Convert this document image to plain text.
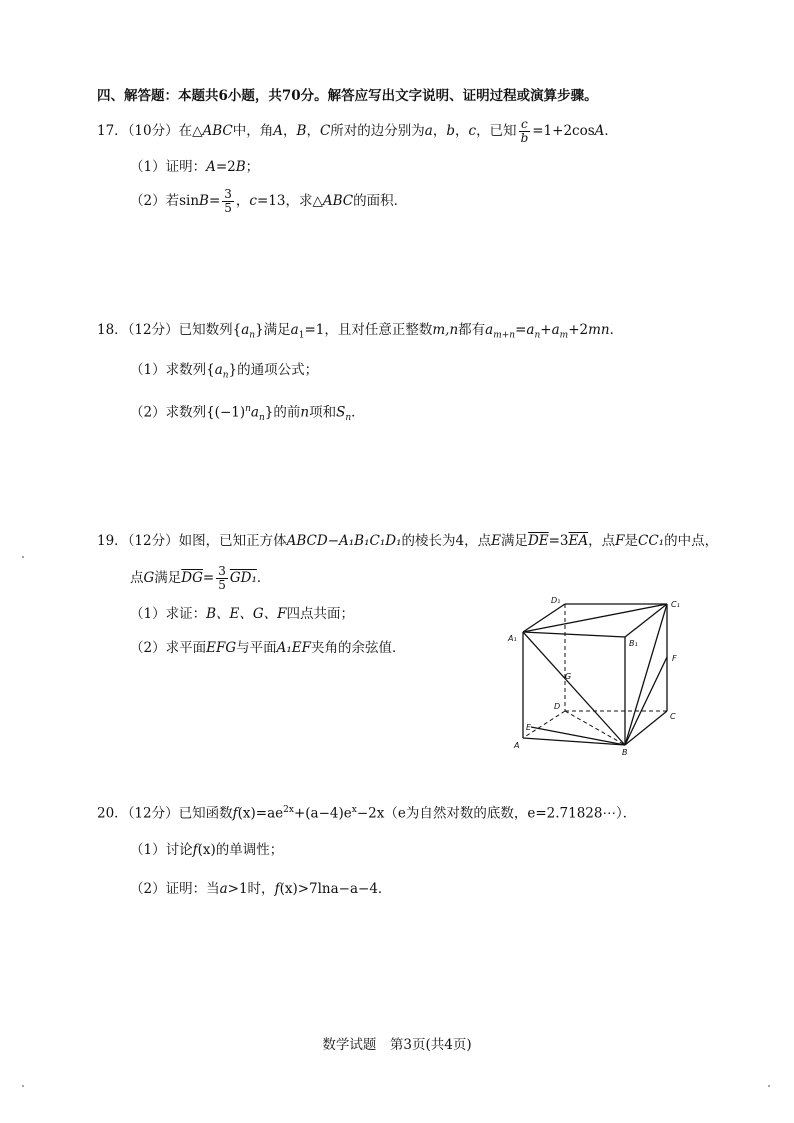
四、解答题：本题共6小题，共70分。解答应写出文字说明、证明过程或演算步骤。
17．（10分）在△ABC中，角A，B，C所对的边分别为a，b，c，已知 $\frac{c}{b} =1+2\cos A$．
（1）证明：A=2B；
（2）若$\sin B= \frac{3}{5}$ ，c=13，求△ABC的面积．
18．（12分）已知数列$\{a_n\}$满足$a_1=1$，且对任意正整数m,n都有$a_{m+n}=a_n+a_m+2mn$．
（1）求数列$\{a_n\}$的通项公式；
（2）求数列$\{(-1)^na_n\}$的前n项和$S_n$．
19．（12分）如图，已知正方体ABCD−A₁B₁C₁D₁的棱长为4，点E满足$\overline{DE}=3\overline{EA}$，点F是CC₁的中点，
点G满足$\overline{DG}= \frac{3}{5} GD_1$．
（1）求证：B、E、G、F四点共面；
（2）求平面EFG与平面A₁EF夹角的余弦值．
D₁	C₁
A₁
B₁
F
G
D
C
E
A
B
20．（12分）已知函数$f(x)=ae^{2x}+(a-4)e^x-2x(e$为自然对数的底数，e=2.71828⋯）．
（1）讨论f(x)的单调性；
（2）证明：当a>1时，f(x)>7lna−a−4．
数学试题　第3页(共4页)
